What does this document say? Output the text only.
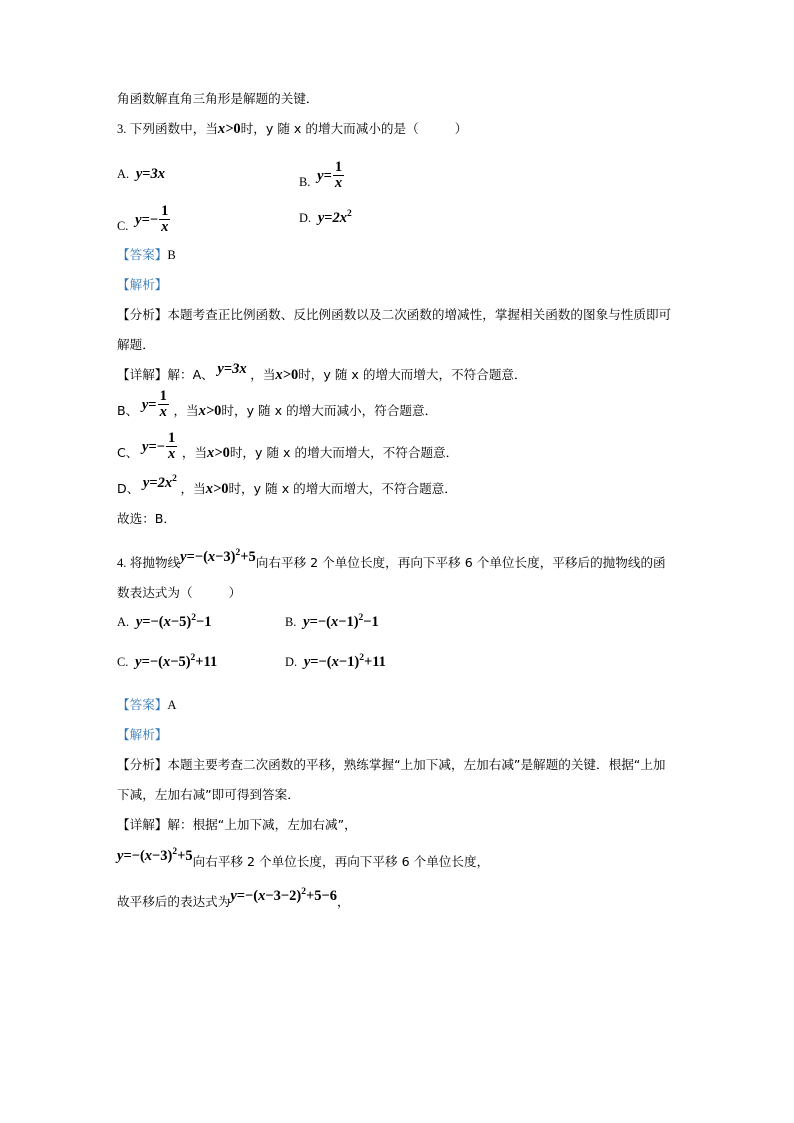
角函数解直角三角形是解题的关键．
3. 下列函数中，当x>0时，y 随 x 的增大而减小的是（	）
A.  y=3x	B. $y= \frac{1}{x}$
C. $y=- \frac{1}{x}$	D.  $y=2x^2$
【答案】B
【解析】
【分析】本题考查正比例函数、反比例函数以及二次函数的增减性，掌握相关函数的图象与性质即可解题．
【详解】解：A、 y=3x ，当x>0时，y 随 x 的增大而增大，不符合题意．
B、 $y= \frac{1}{x}$ ，当x>0时，y 随 x 的增大而减小，符合题意．
C、 $y=- \frac{1}{x}$ ，当x>0时，y 随 x 的增大而增大，不符合题意．
D、 $y=2x^2$ ，当x>0时，y 随 x 的增大而增大，不符合题意．
故选：B．
4. 将抛物线$y=-(x-3)^2+5$向右平移 2 个单位长度，再向下平移 6 个单位长度，平移后的抛物线的函数表达式为（	）
A.  $y=-(x-5)^2-1$	B.  $y=-(x-1)^2-1$
C.  $y=-(x-5)^2+11$	D.  $y=-(x-1)^2+11$
【答案】A
【解析】
【分析】本题主要考查二次函数的平移，熟练掌握“上加下减，左加右减”是解题的关键．根据“上加下减，左加右减”即可得到答案．
【详解】解：根据“上加下减，左加右减”，
$y=-(x-3)^2+5$向右平移 2 个单位长度，再向下平移 6 个单位长度，
故平移后的表达式为$y=-(x-3-2)^2+5-6$，
